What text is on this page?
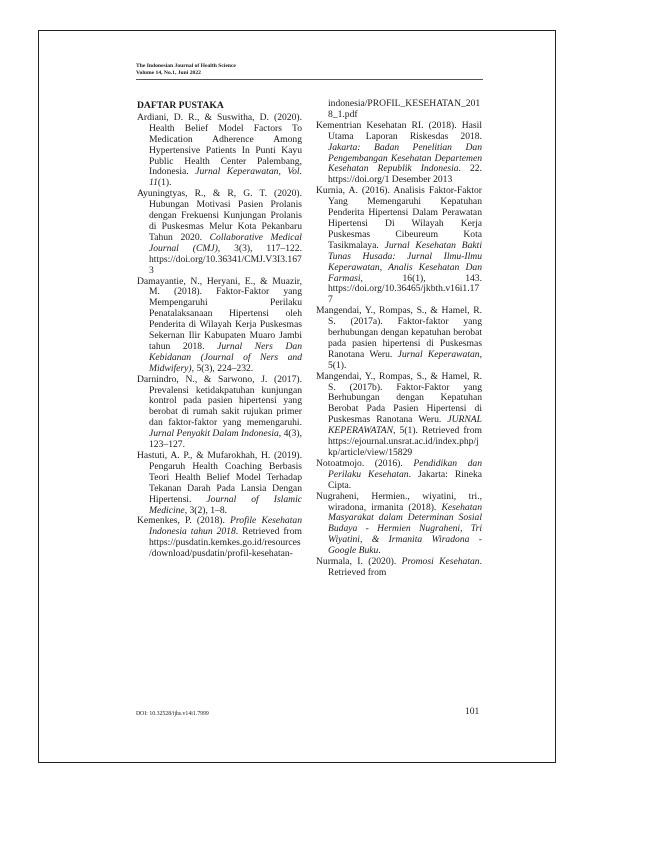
The Indonesian Journal of Health Science
Volume 14, No.1, Juni 2022
DAFTAR PUSTAKA

Ardiani, D. R., & Suswitha, D. (2020). Health Belief Model Factors To Medication Adherence Among Hypertensive Patients In Punti Kayu Public Health Center Palembang, Indonesia. Jurnal Keperawatan, Vol. 11(1).

Ayuningtyas, R., & R, G. T. (2020). Hubungan Motivasi Pasien Prolanis dengan Frekuensi Kunjungan Prolanis di Puskesmas Melur Kota Pekanbaru Tahun 2020. Collaborative Medical Journal (CMJ), 3(3), 117–122. https://doi.org/10.36341/CMJ.V3I3.1673

Damayantie, N., Heryani, E., & Muazir, M. (2018). Faktor-Faktor yang Mempengaruhi Perilaku Penatalaksanaan Hipertensi oleh Penderita di Wilayah Kerja Puskesmas Sekernan Ilir Kabupaten Muaro Jambi tahun 2018. Jurnal Ners Dan Kebidanan (Journal of Ners and Midwifery), 5(3), 224–232.

Darnindro, N., & Sarwono, J. (2017). Prevalensi ketidakpatuhan kunjungan kontrol pada pasien hipertensi yang berobat di rumah sakit rujukan primer dan faktor-faktor yang memengaruhi. Jurnal Penyakit Dalam Indonesia, 4(3), 123–127.

Hastuti, A. P., & Mufarokhah, H. (2019). Pengaruh Health Coaching Berbasis Teori Health Belief Model Terhadap Tekanan Darah Pada Lansia Dengan Hipertensi. Journal of Islamic Medicine, 3(2), 1–8.

Kemenkes, P. (2018). Profile Kesehatan Indonesia tahun 2018. Retrieved from https://pusdatin.kemkes.go.id/resources/download/pusdatin/profil-kesehatan-

indonesia/PROFIL_KESEHATAN_2018_1.pdf

Kementrian Kesehatan RI. (2018). Hasil Utama Laporan Riskesdas 2018. Jakarta: Badan Penelitian Dan Pengembangan Kesehatan Departemen Kesehatan Republik Indonesia. 22. https://doi.org/1 Desember 2013

Kurnia, A. (2016). Analisis Faktor-Faktor Yang Memengaruhi Kepatuhan Penderita Hipertensi Dalam Perawatan Hipertensi Di Wilayah Kerja Puskesmas Cibeureum Kota Tasikmalaya. Jurnal Kesehatan Bakti Tunas Husada: Jurnal Ilmu-Ilmu Keperawatan, Analis Kesehatan Dan Farmasi, 16(1), 143. https://doi.org/10.36465/jkbth.v16i1.177

Mangendai, Y., Rompas, S., & Hamel, R. S. (2017a). Faktor-faktor yang berhubungan dengan kepatuhan berobat pada pasien hipertensi di Puskesmas Ranotana Weru. Jurnal Keperawatan, 5(1).

Mangendai, Y., Rompas, S., & Hamel, R. S. (2017b). Faktor-Faktor yang Berhubungan dengan Kepatuhan Berobat Pada Pasien Hipertensi di Puskesmas Ranotana Weru. JURNAL KEPERAWATAN, 5(1). Retrieved from https://ejournal.unsrat.ac.id/index.php/jkp/article/view/15829

Notoatmojo. (2016). Pendidikan dan Perilaku Kesehatan. Jakarta: Rineka Cipta.

Nugraheni, Hermien., wiyatini, tri., wiradona, irmanita (2018). Kesehatan Masyarakat dalam Determinan Sosial Budaya - Hermien Nugraheni, Tri Wiyatini, & Irmanita Wiradona - Google Buku.

Nurmala, I. (2020). Promosi Kesehatan. Retrieved from

DOI: 10.32528/ijhs.v14i1.7999	101
